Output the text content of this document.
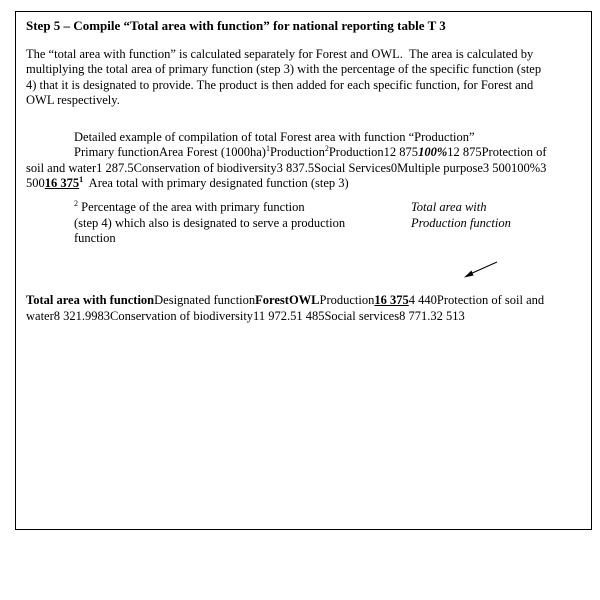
Step 5 – Compile “Total area with function” for national reporting table T 3
The “total area with function” is calculated separately for Forest and OWL.  The area is calculated by
multiplying the total area of primary function (step 3) with the percentage of the specific function (step
4) that it is designated to provide. The product is then added for each specific function, for Forest and
OWL respectively.
Detailed example of compilation of total Forest area with function “Production”
Primary functionArea Forest $(1000ha)^1Production^2Production12$ 875100%12 875Protection of
soil and water1 287.5Conservation of biodiversity3 837.5Social Services0Multiple purpose3 500100%3
50016 $375^1$  Area total with primary designated function (step 3)
$^2$ Percentage of the area with primary function
(step 4) which also is designated to serve a production
function
Total area with
Production function
Total area with functionDesignated functionForestOWLProduction16 3754 440Protection of soil and
water8 321.9983Conservation of biodiversity11 972.51 485Social services8 771.32 513
